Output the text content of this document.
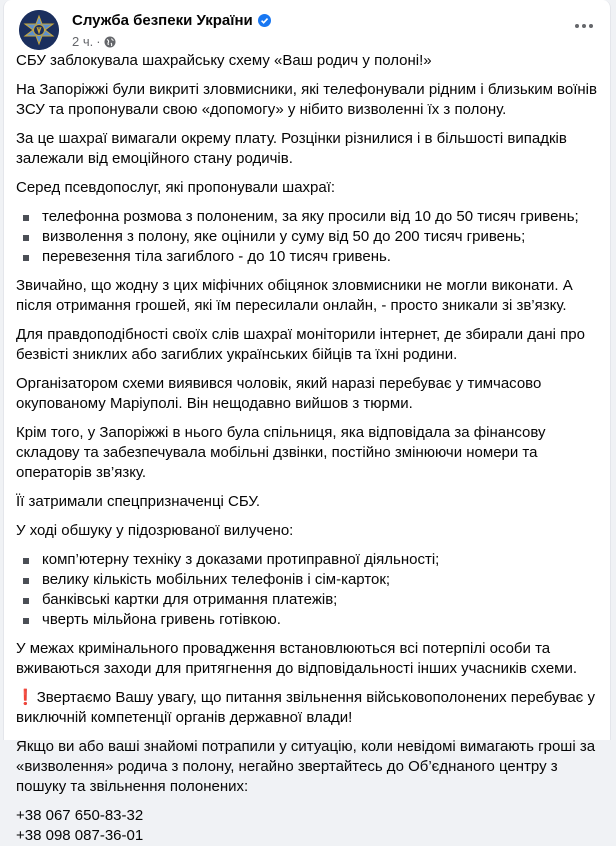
Служба безпеки України
2 ч. ·

СБУ заблокувала шахрайську схему «Ваш родич у полоні!»

На Запоріжжі були викриті зловмисники, які телефонували рідним і близьким воїнів ЗСУ та пропонували свою «допомогу» у нібито визволенні їх з полону.

За це шахраї вимагали окрему плату. Розцінки різнилися і в більшості випадків залежали від емоційного стану родичів.

Серед псевдопослуг, які пропонували шахраї:

телефонна розмова з полоненим, за яку просили від 10 до 50 тисяч гривень;
визволення з полону, яке оцінили у суму від 50 до 200 тисяч гривень;
перевезення тіла загиблого - до 10 тисяч гривень.

Звичайно, що жодну з цих міфічних обіцянок зловмисники не могли виконати. А після отримання грошей, які їм пересилали онлайн, - просто зникали зі зв’язку.

Для правдоподібності своїх слів шахраї моніторили інтернет, де збирали дані про безвісті зниклих або загиблих українських бійців та їхні родини.

Організатором схеми виявився чоловік, який наразі перебуває у тимчасово окупованому Маріуполі. Він нещодавно вийшов з тюрми.

Крім того, у Запоріжжі в нього була спільниця, яка відповідала за фінансову складову та забезпечувала мобільні дзвінки, постійно змінюючи номери та операторів зв’язку.

Її затримали спецпризначенці СБУ.

У ході обшуку у підозрюваної вилучено:

комп’ютерну техніку з доказами протиправної діяльності;
велику кількість мобільних телефонів і сім-карток;
банківські картки для отримання платежів;
чверть мільйона гривень готівкою.

У межах кримінального провадження встановлюються всі потерпілі особи та вживаються заходи для притягнення до відповідальності інших учасників схеми.

❗ Звертаємо Вашу увагу, що питання звільнення військовополонених перебуває у виключній компетенції органів державної влади!

Якщо ви або ваші знайомі потрапили у ситуацію, коли невідомі вимагають гроші за «визволення» родича з полону, негайно звертайтесь до Об’єднаного центру з пошуку та звільнення полонених:

+38 067 650-83-32

+38 098 087-36-01
